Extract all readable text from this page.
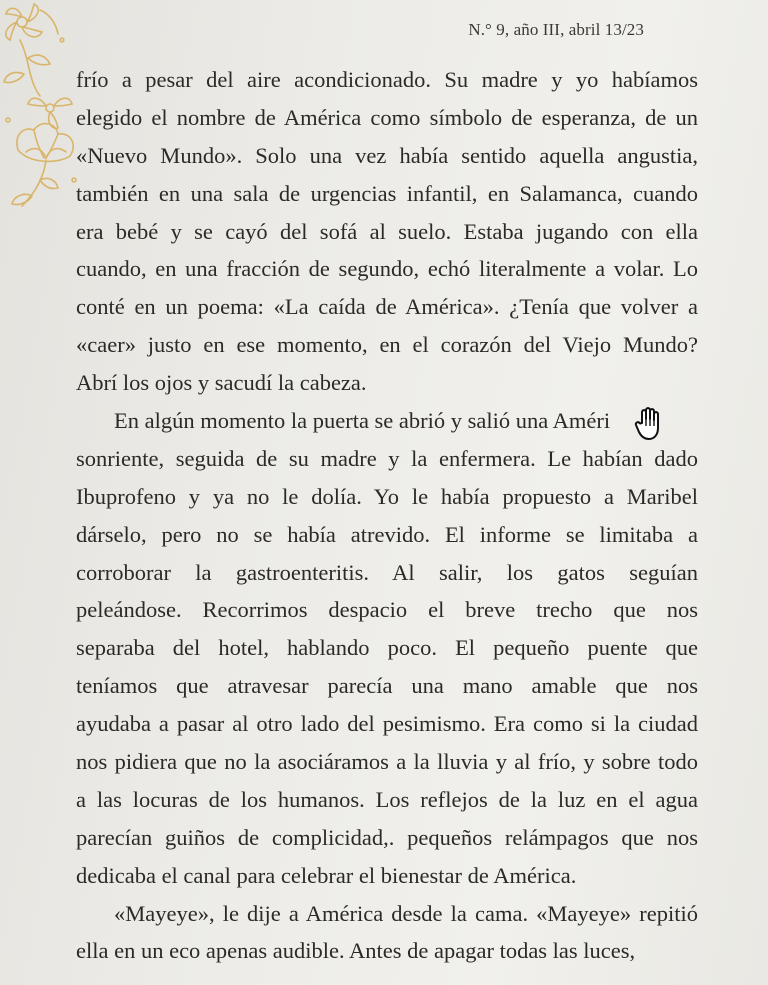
N.° 9, año III, abril 13/23
frío a pesar del aire acondicionado. Su madre y yo habíamos
elegido el nombre de América como símbolo de esperanza, de un
«Nuevo Mundo». Solo una vez había sentido aquella angustia,
también en una sala de urgencias infantil, en Salamanca, cuando
era bebé y se cayó del sofá al suelo. Estaba jugando con ella
cuando, en una fracción de segundo, echó literalmente a volar. Lo
conté en un poema: «La caída de América». ¿Tenía que volver a
«caer» justo en ese momento, en el corazón del Viejo Mundo?
Abrí los ojos y sacudí la cabeza.
En algún momento la puerta se abrió y salió una Améri
sonriente, seguida de su madre y la enfermera. Le habían dado
Ibuprofeno y ya no le dolía. Yo le había propuesto a Maribel
dárselo, pero no se había atrevido. El informe se limitaba a
corroborar la gastroenteritis. Al salir, los gatos seguían
peleándose. Recorrimos despacio el breve trecho que nos
separaba del hotel, hablando poco. El pequeño puente que
teníamos que atravesar parecía una mano amable que nos
ayudaba a pasar al otro lado del pesimismo. Era como si la ciudad
nos pidiera que no la asociáramos a la lluvia y al frío, y sobre todo
a las locuras de los humanos. Los reflejos de la luz en el agua
parecían guiños de complicidad,. pequeños relámpagos que nos
dedicaba el canal para celebrar el bienestar de América.
«Mayeye», le dije a América desde la cama. «Mayeye» repitió
ella en un eco apenas audible. Antes de apagar todas las luces,
